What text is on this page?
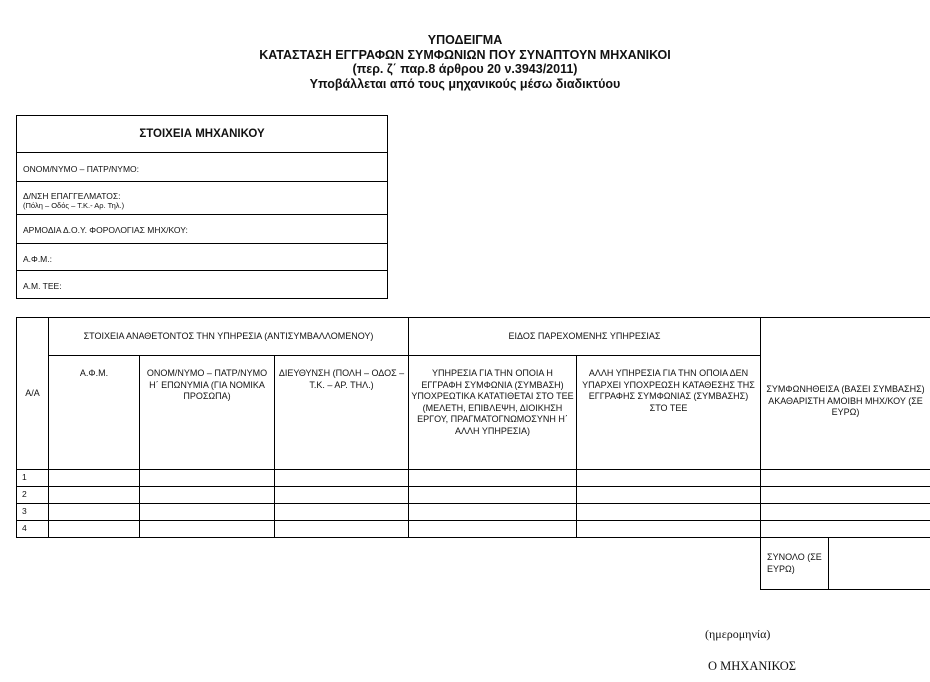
ΥΠΟΔΕΙΓΜΑ
ΚΑΤΑΣΤΑΣΗ ΕΓΓΡΑΦΩΝ ΣΥΜΦΩΝΙΩΝ ΠΟΥ ΣΥΝΑΠΤΟΥΝ ΜΗΧΑΝΙΚΟΙ
(περ. ζ΄ παρ.8 άρθρου 20 ν.3943/2011)
Υποβάλλεται από τους μηχανικούς μέσω διαδικτύου
ΣΤΟΙΧΕΙΑ ΜΗΧΑΝΙΚΟΥ
ΟΝΟΜ/ΝΥΜΟ – ΠΑΤΡ/ΝΥΜΟ:
Δ/ΝΣΗ ΕΠΑΓΓΕΛΜΑΤΟΣ:
(Πόλη – Οδός – Τ.Κ.- Αρ. Τηλ.)
ΑΡΜΟΔΙΑ Δ.Ο.Υ. ΦΟΡΟΛΟΓΙΑΣ ΜΗΧ/ΚΟΥ:
Α.Φ.Μ.:
Α.Μ. ΤΕΕ:
Α/Α	ΣΤΟΙΧΕΙΑ ΑΝΑΘΕΤΟΝΤΟΣ ΤΗΝ ΥΠΗΡΕΣΙΑ (ΑΝΤΙΣΥΜΒΑΛΛΟΜΕΝΟΥ)			ΕΙΔΟΣ ΠΑΡΕΧΟΜΕΝΗΣ ΥΠΗΡΕΣΙΑΣ		ΣΥΜΦΩΝΗΘΕΙΣΑ (ΒΑΣΕΙ ΣΥΜΒΑΣΗΣ) ΑΚΑΘΑΡΙΣΤΗ ΑΜΟΙΒΗ ΜΗΧ/ΚΟΥ (ΣΕ ΕΥΡΩ)	
	Α.Φ.Μ.	ΟΝΟΜ/ΝΥΜΟ – ΠΑΤΡ/ΝΥΜΟ Η΄ ΕΠΩΝΥΜΙΑ (ΓΙΑ ΝΟΜΙΚΑ ΠΡΟΣΩΠΑ)	ΔΙΕΥΘΥΝΣΗ (ΠΟΛΗ – ΟΔΟΣ – Τ.Κ. – ΑΡ. ΤΗΛ.)	ΥΠΗΡΕΣΙΑ ΓΙΑ ΤΗΝ ΟΠΟΙΑ Η ΕΓΓΡΑΦΗ ΣΥΜΦΩΝΙΑ (ΣΥΜΒΑΣΗ) ΥΠΟΧΡΕΩΤΙΚΑ ΚΑΤΑΤΙΘΕΤΑΙ ΣΤΟ ΤΕΕ (ΜΕΛΕΤΗ, ΕΠΙΒΛΕΨΗ, ΔΙΟΙΚΗΣΗ ΕΡΓΟΥ, ΠΡΑΓΜΑΤΟΓΝΩΜΟΣΥΝΗ Η΄ ΑΛΛΗ ΥΠΗΡΕΣΙΑ)	ΑΛΛΗ ΥΠΗΡΕΣΙΑ ΓΙΑ ΤΗΝ ΟΠΟΙΑ ΔΕΝ ΥΠΑΡΧΕΙ ΥΠΟΧΡΕΩΣΗ ΚΑΤΑΘΕΣΗΣ ΤΗΣ ΕΓΓΡΑΦΗΣ ΣΥΜΦΩΝΙΑΣ (ΣΥΜΒΑΣΗΣ) ΣΤΟ ΤΕΕ		
1							
2							
3							
4							
						ΣΥΝΟΛΟ (ΣΕ ΕΥΡΩ)	
(ημερομηνία)
Ο ΜΗΧΑΝΙΚΟΣ
